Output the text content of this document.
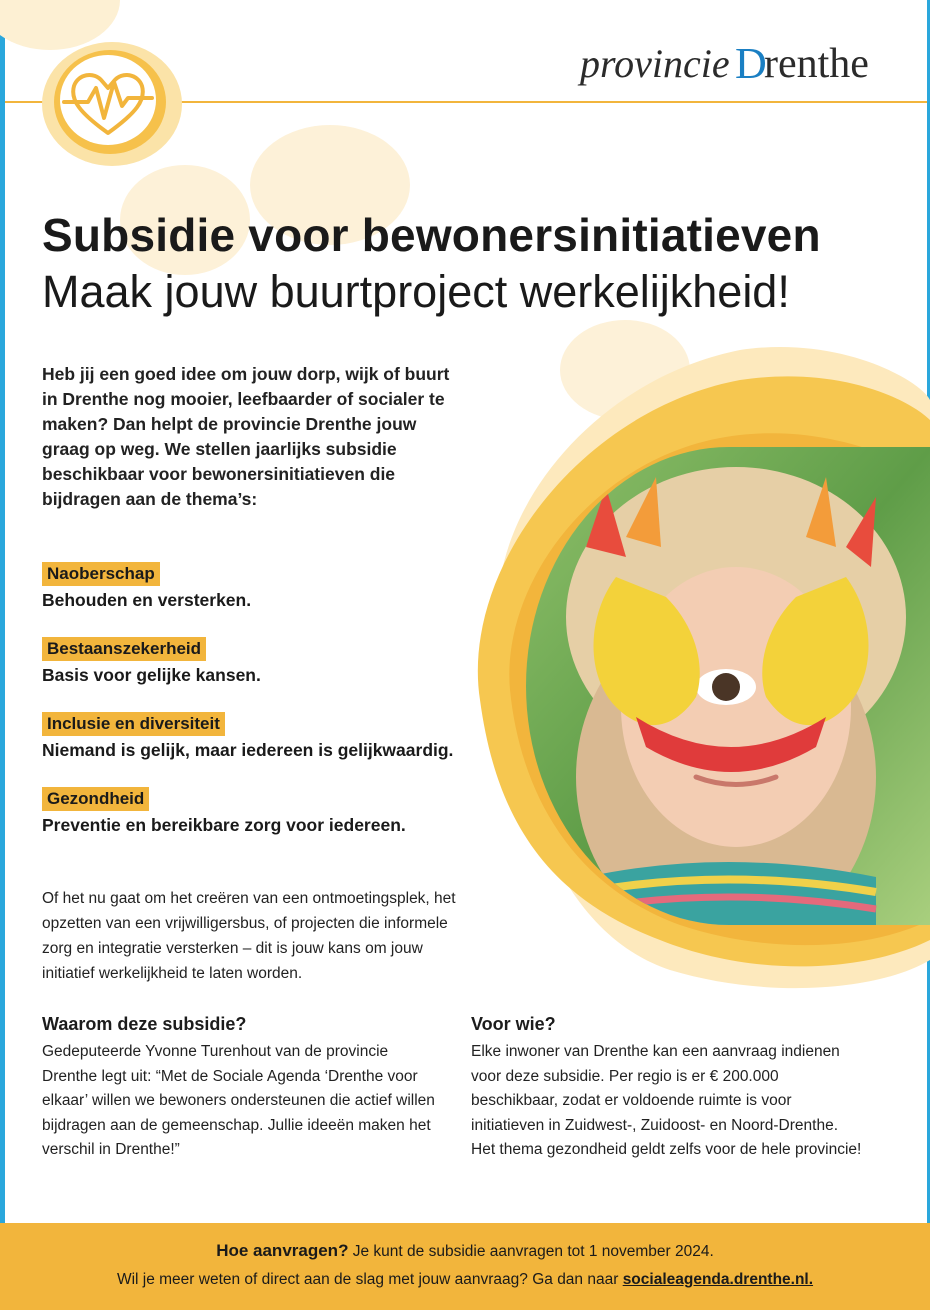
provincie D
renthe
Subsidie voor bewonersinitiatieven

Maak jouw buurtproject werkelijkheid!

Heb jij een goed idee om jouw dorp, wijk of buurt in Drenthe nog mooier, leefbaarder of socialer te maken? Dan helpt de provincie Drenthe jouw graag op weg. We stellen jaarlijks subsidie beschikbaar voor bewonersinitiatieven die bijdragen aan de thema’s:
Naoberschap
Behouden en versterken.
Bestaanszekerheid
Basis voor gelijke kansen.
Inclusie en diversiteit
Niemand is gelijk, maar iedereen is gelijkwaardig.
Gezondheid
Preventie en bereikbare zorg voor iedereen.
Of het nu gaat om het creëren van een ontmoetingsplek, het opzetten van een vrijwilligersbus, of projecten die informele zorg en integratie versterken – dit is jouw kans om jouw initiatief werkelijkheid te laten worden.
Waarom deze subsidie?
Gedeputeerde Yvonne Turenhout van de provincie Drenthe legt uit: “Met de Sociale Agenda ‘Drenthe voor elkaar’ willen we bewoners ondersteunen die actief willen bijdragen aan de gemeenschap. Jullie ideeën maken het verschil in Drenthe!”
Voor wie?
Elke inwoner van Drenthe kan een aanvraag indienen voor deze subsidie. Per regio is er € 200.000 beschikbaar, zodat er voldoende ruimte is voor initiatieven in Zuidwest-, Zuidoost- en Noord-Drenthe. Het thema gezondheid geldt zelfs voor de hele provincie!
Hoe aanvragen? Je kunt de subsidie aanvragen tot 1 november 2024.
Wil je meer weten of direct aan de slag met jouw aanvraag? Ga dan naar socialeagenda.drenthe.nl.
